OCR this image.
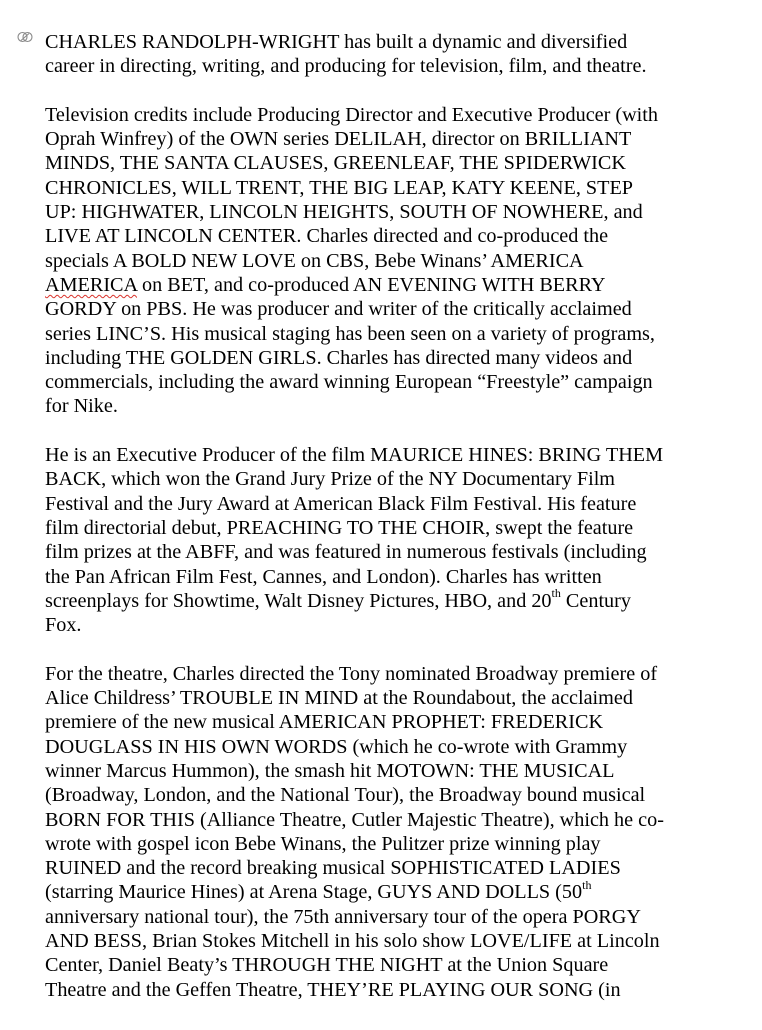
CHARLES RANDOLPH-WRIGHT has built a dynamic and diversified
career in directing, writing, and producing for television, film, and theatre.

Television credits include Producing Director and Executive Producer (with
Oprah Winfrey) of the OWN series DELILAH, director on BRILLIANT
MINDS, THE SANTA CLAUSES, GREENLEAF, THE SPIDERWICK
CHRONICLES, WILL TRENT, THE BIG LEAP, KATY KEENE, STEP
UP: HIGHWATER, LINCOLN HEIGHTS, SOUTH OF NOWHERE, and
LIVE AT LINCOLN CENTER. Charles directed and co-produced the
specials A BOLD NEW LOVE on CBS, Bebe Winans’ AMERICA
AMERICA on BET, and co-produced AN EVENING WITH BERRY
GORDY on PBS. He was producer and writer of the critically acclaimed
series LINC’S. His musical staging has been seen on a variety of programs,
including THE GOLDEN GIRLS. Charles has directed many videos and
commercials, including the award winning European “Freestyle” campaign
for Nike.

He is an Executive Producer of the film MAURICE HINES: BRING THEM
BACK, which won the Grand Jury Prize of the NY Documentary Film
Festival and the Jury Award at American Black Film Festival. His feature
film directorial debut, PREACHING TO THE CHOIR, swept the feature
film prizes at the ABFF, and was featured in numerous festivals (including
the Pan African Film Fest, Cannes, and London). Charles has written
screenplays for Showtime, Walt Disney Pictures, HBO, and 20th Century
Fox.

For the theatre, Charles directed the Tony nominated Broadway premiere of
Alice Childress’ TROUBLE IN MIND at the Roundabout, the acclaimed
premiere of the new musical AMERICAN PROPHET: FREDERICK
DOUGLASS IN HIS OWN WORDS (which he co-wrote with Grammy
winner Marcus Hummon), the smash hit MOTOWN: THE MUSICAL
(Broadway, London, and the National Tour), the Broadway bound musical
BORN FOR THIS (Alliance Theatre, Cutler Majestic Theatre), which he co-
wrote with gospel icon Bebe Winans, the Pulitzer prize winning play
RUINED and the record breaking musical SOPHISTICATED LADIES
(starring Maurice Hines) at Arena Stage, GUYS AND DOLLS (50th
anniversary national tour), the 75th anniversary tour of the opera PORGY
AND BESS, Brian Stokes Mitchell in his solo show LOVE/LIFE at Lincoln
Center, Daniel Beaty’s THROUGH THE NIGHT at the Union Square
Theatre and the Geffen Theatre, THEY’RE PLAYING OUR SONG (in
